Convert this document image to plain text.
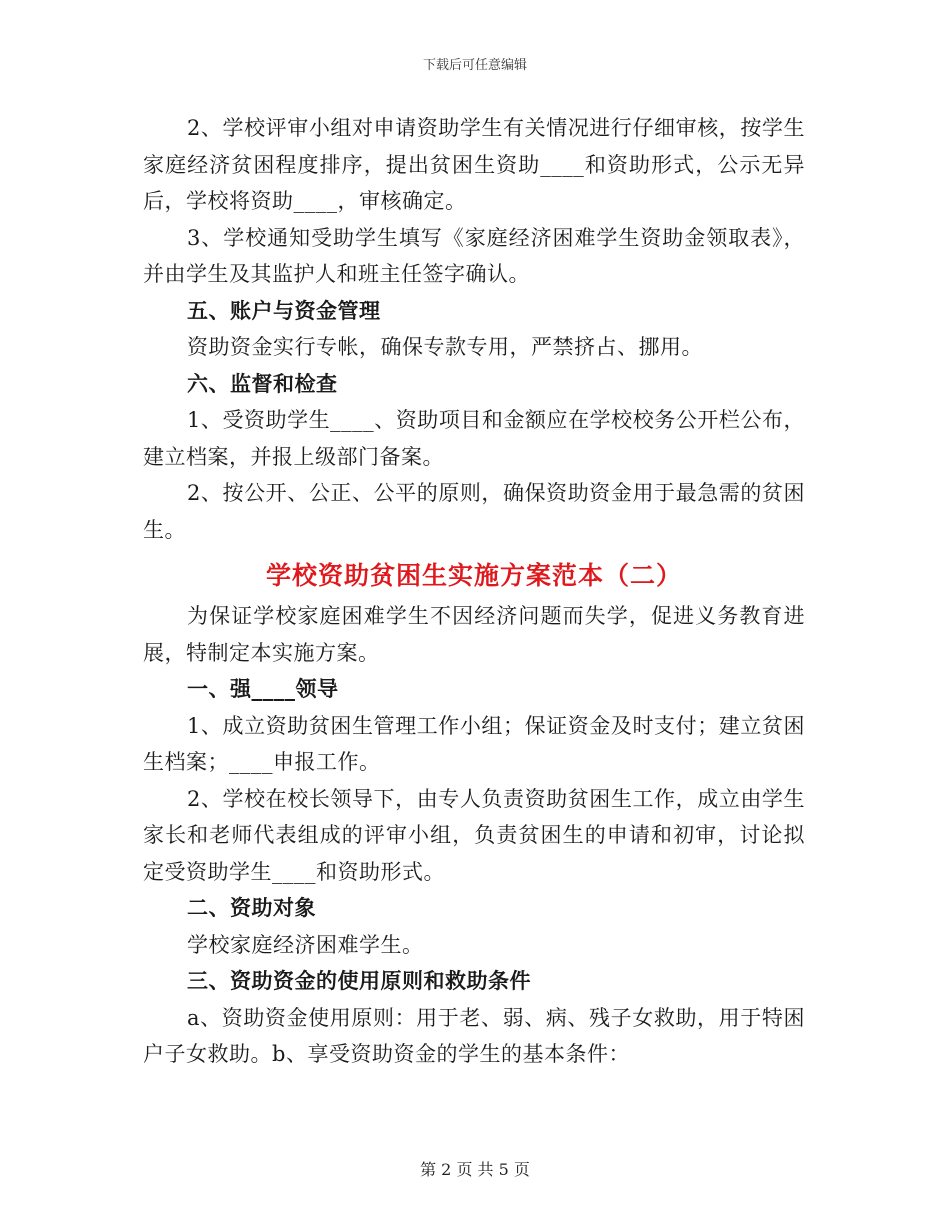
下载后可任意编辑

2、学校评审小组对申请资助学生有关情况进行仔细审核，按学生家庭经济贫困程度排序，提出贫困生资助____和资助形式，公示无异后，学校将资助____，审核确定。

3、学校通知受助学生填写《家庭经济困难学生资助金领取表》，并由学生及其监护人和班主任签字确认。

五、账户与资金管理

资助资金实行专帐，确保专款专用，严禁挤占、挪用。

六、监督和检查

1、受资助学生____、资助项目和金额应在学校校务公开栏公布，建立档案，并报上级部门备案。

2、按公开、公正、公平的原则，确保资助资金用于最急需的贫困生。

学校资助贫困生实施方案范本（二）

为保证学校家庭困难学生不因经济问题而失学，促进义务教育进展，特制定本实施方案。

一、强____领导

1、成立资助贫困生管理工作小组；保证资金及时支付；建立贫困生档案；____申报工作。

2、学校在校长领导下，由专人负责资助贫困生工作，成立由学生家长和老师代表组成的评审小组，负责贫困生的申请和初审，讨论拟定受资助学生____和资助形式。

二、资助对象

学校家庭经济困难学生。

三、资助资金的使用原则和救助条件

a、资助资金使用原则：用于老、弱、病、残子女救助，用于特困户子女救助。b、享受资助资金的学生的基本条件：

第 2 页 共 5 页
